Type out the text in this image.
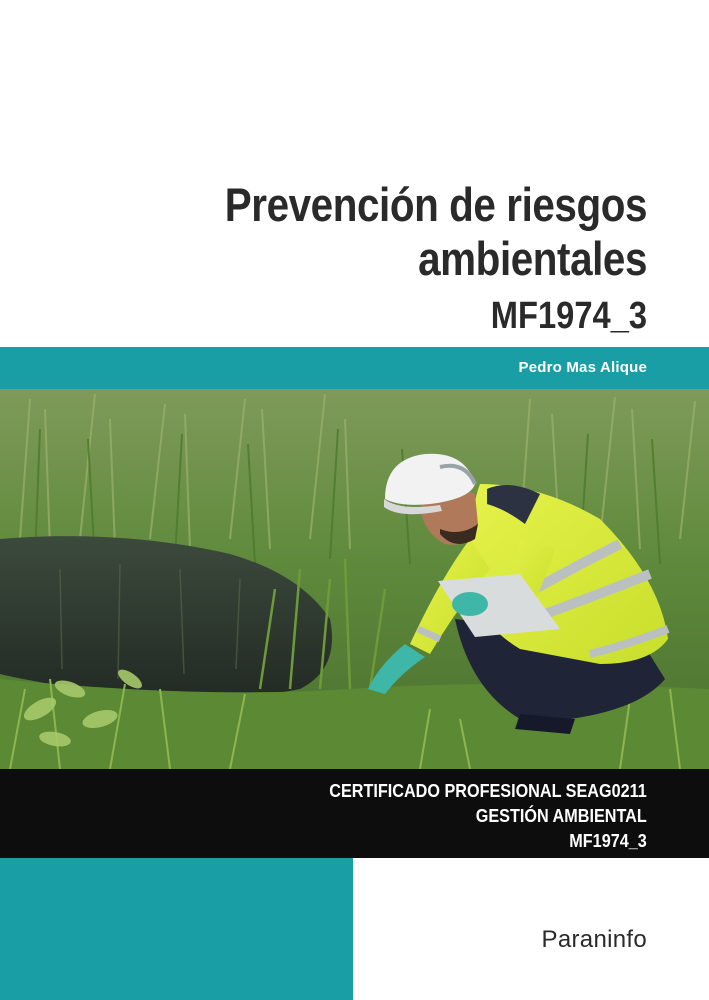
Prevención de riesgos
ambientales
MF1974_3
Pedro Mas Alique
CERTIFICADO PROFESIONAL SEAG0211
GESTIÓN AMBIENTAL
MF1974_3
Paraninfo
